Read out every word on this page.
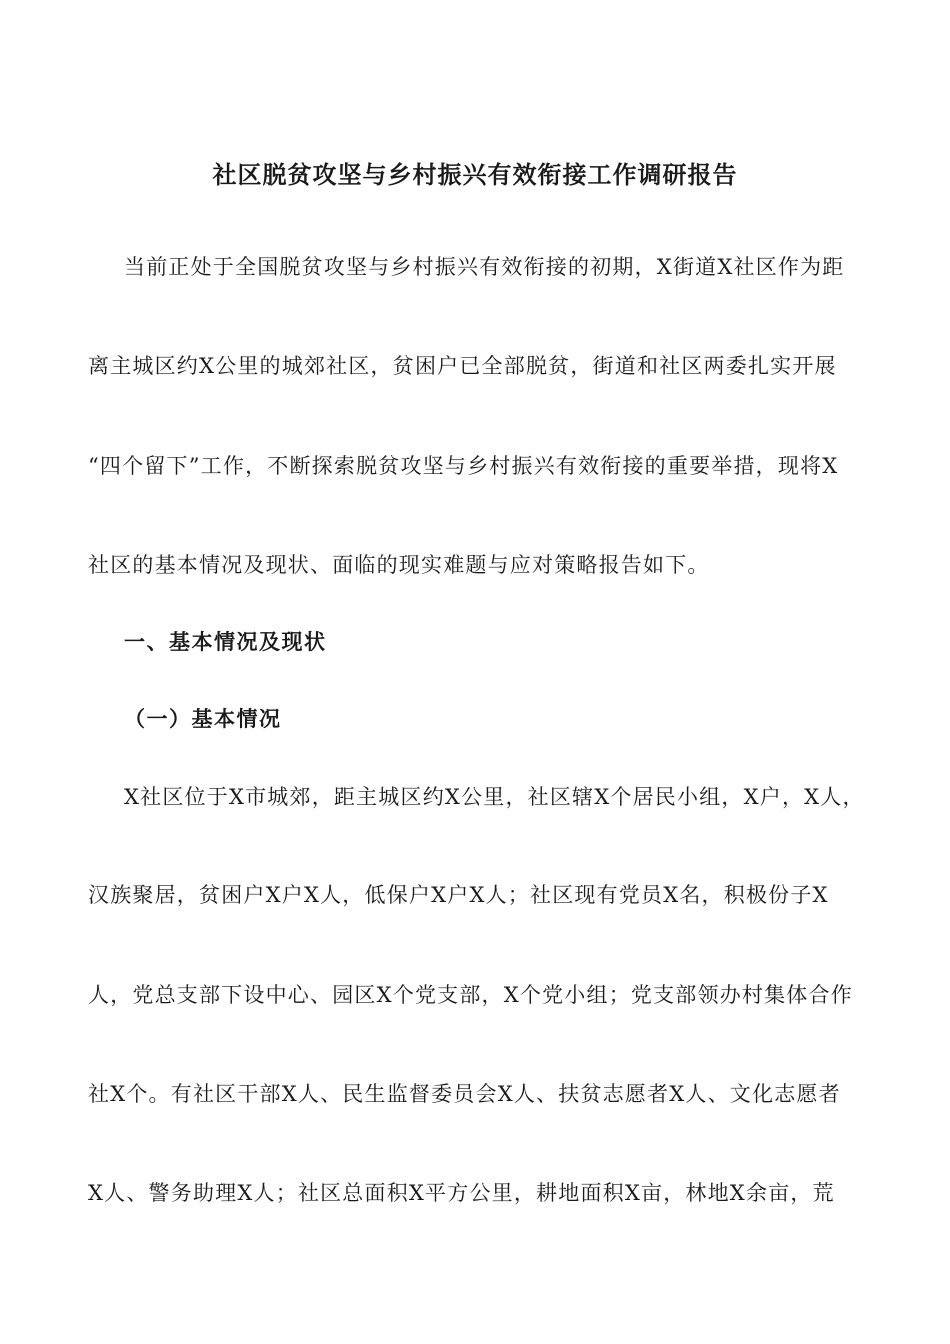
社区脱贫攻坚与乡村振兴有效衔接工作调研报告
当前正处于全国脱贫攻坚与乡村振兴有效衔接的初期，X街道X社区作为距
离主城区约X公里的城郊社区，贫困户已全部脱贫，街道和社区两委扎实开展
“四个留下”工作，不断探索脱贫攻坚与乡村振兴有效衔接的重要举措，现将X
社区的基本情况及现状、面临的现实难题与应对策略报告如下。
一、基本情况及现状
（一）基本情况
X社区位于X市城郊，距主城区约X公里，社区辖X个居民小组，X户，X人，
汉族聚居，贫困户X户X人，低保户X户X人；社区现有党员X名，积极份子X
人，党总支部下设中心、园区X个党支部，X个党小组；党支部领办村集体合作
社X个。有社区干部X人、民生监督委员会X人、扶贫志愿者X人、文化志愿者
X人、警务助理X人；社区总面积X平方公里，耕地面积X亩，林地X余亩，荒
